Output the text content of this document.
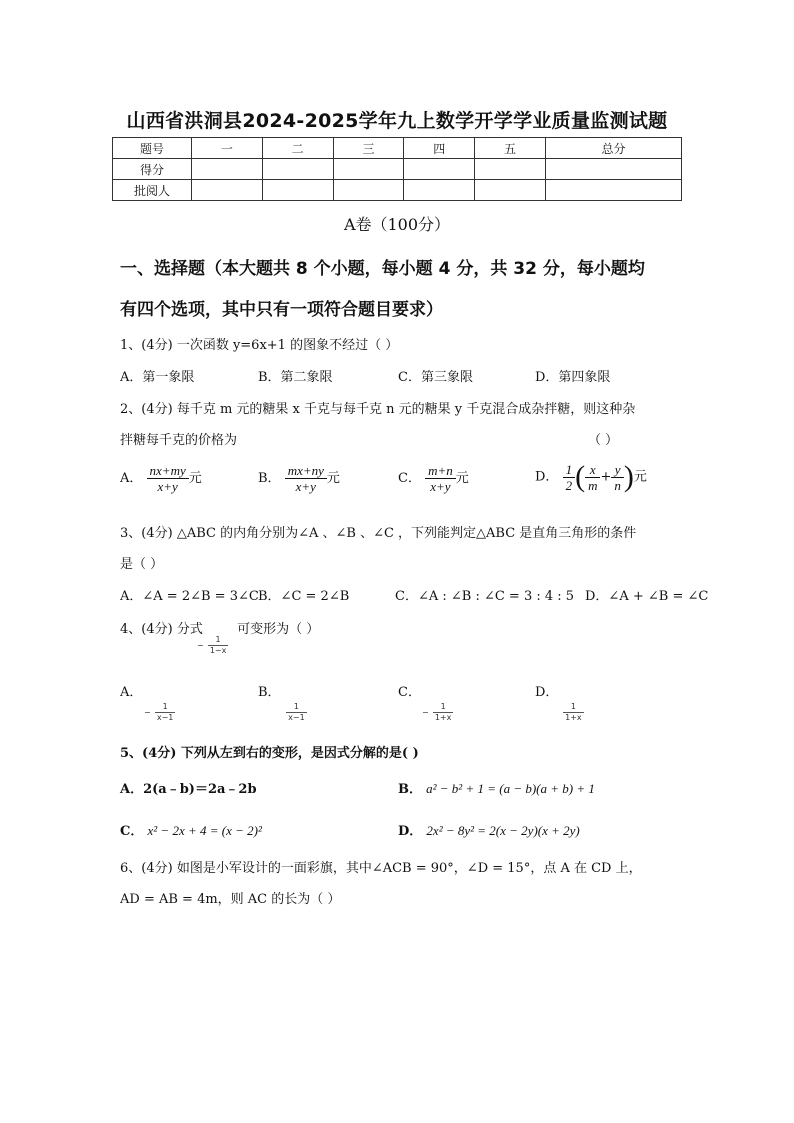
山西省洪洞县2024-2025学年九上数学开学学业质量监测试题
题号	一	二	三	四	五	总分
得分						
批阅人						
A卷（100分）
一、选择题（本大题共 8 个小题，每小题 4 分，共 32 分，每小题均
有四个选项，其中只有一项符合题目要求）
1、(4分) 一次函数 y=6x+1 的图象不经过（ ）
A．第一象限	B．第二象限	C．第三象限	D．第四象限
2、(4分) 每千克 m 元的糖果 x 千克与每千克 n 元的糖果 y 千克混合成杂拌糖，则这种杂
拌糖每千克的价格为	（ ）
A． $\frac{nx+my}{x+y}$ 元	B． $\frac{mx+ny}{x+y}$ 元	C． $\frac{m+n}{x+y}$ 元	D． $\frac{1}{2}$ ( $\frac{x}{m} + \frac{y}{n}$ )元
3、(4分) △ABC 的内角分别为∠A 、∠B 、∠C ，下列能判定△ABC 是直角三角形的条件
是（ ）
A．∠A = 2∠B = 3∠C B．∠C = 2∠B	C．∠A : ∠B : ∠C = 3 : 4 : 5 D．∠A + ∠B = ∠C
4、(4分) 分式 − $\frac{1}{1-x}$
可变形为（ ）
A．
− $\frac{1}{x-1}$
B．

$\frac{1}{x-1}$
C．
− $\frac{1}{1+x}$
D．

$\frac{1}{1+x}$
5、(4分) 下列从左到右的变形，是因式分解的是( )
A．2(a﹣b)＝2a﹣2b	B． a² − b² + 1 = (a − b)(a + b) + 1
C． x² − 2x + 4 = (x − 2)²	D． 2x² − 8y² = 2(x − 2y)(x + 2y)
6、(4分) 如图是小军设计的一面彩旗，其中∠ACB = 90°，∠D = 15°，点 A 在 CD 上，
AD = AB = 4m，则 AC 的长为（ ）
